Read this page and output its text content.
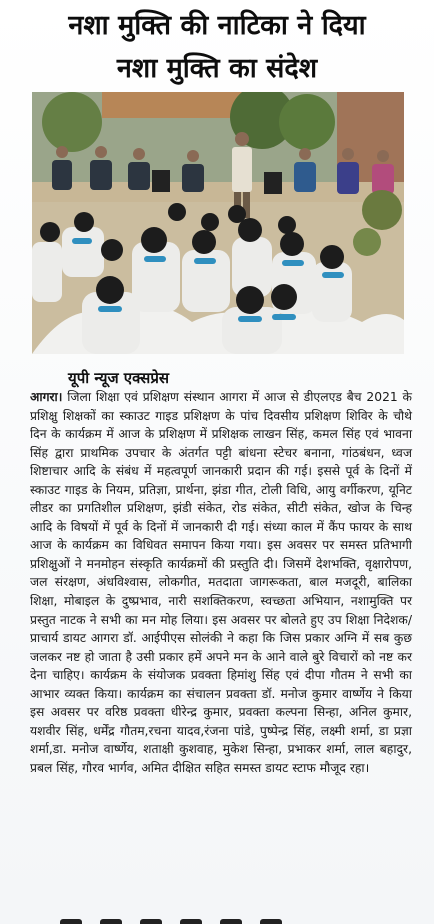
नशा मुक्ति की नाटिका ने दिया
नशा मुक्ति का संदेश
यूपी न्यूज एक्सप्रेस
आगरा। जिला शिक्षा एवं प्रशिक्षण संस्थान आगरा में आज से डीएलएड बैच 2021 के प्रशिक्षु शिक्षकों का स्काउट गाइड प्रशिक्षण के पांच दिवसीय प्रशिक्षण शिविर के चौथे दिन के कार्यक्रम में आज के प्रशिक्षण में प्रशिक्षक लाखन सिंह, कमल सिंह एवं भावना सिंह द्वारा प्राथमिक उपचार के अंतर्गत पट्टी बांधना स्टेचर बनाना, गांठबंधन, ध्वज शिष्टाचार आदि के संबंध में महत्वपूर्ण जानकारी प्रदान की गई। इससे पूर्व के दिनों में स्काउट गाइड के नियम, प्रतिज्ञा, प्रार्थना, झंडा गीत, टोली विधि, आयु वर्गीकरण, यूनिट लीडर का प्रगतिशील प्रशिक्षण, झंडी संकेत, रोड संकेत, सीटी संकेत, खोज के चिन्ह आदि के विषयों में पूर्व के दिनों में जानकारी दी गई। संध्या काल में कैंप फायर के साथ आज के कार्यक्रम का विधिवत समापन किया गया। इस अवसर पर समस्त प्रतिभागी प्रशिक्षुओं ने मनमोहन संस्कृति कार्यक्रमों की प्रस्तुति दी। जिसमें देशभक्ति, वृक्षारोपण, जल संरक्षण, अंधविश्वास, लोकगीत, मतदाता जागरूकता, बाल मजदूरी, बालिका शिक्षा, मोबाइल के दुष्प्रभाव, नारी सशक्तिकरण, स्वच्छता अभियान, नशामुक्ति पर प्रस्तुत नाटक ने सभी का मन मोह लिया। इस अवसर पर बोलते हुए उप शिक्षा निदेशक/प्राचार्य डायट आगरा डॉ. आईपीएस सोलंकी ने कहा कि जिस प्रकार अग्नि में सब कुछ जलकर नष्ट हो जाता है उसी प्रकार हमें अपने मन के आने वाले बुरे विचारों को नष्ट कर देना चाहिए। कार्यक्रम के संयोजक प्रवक्ता हिमांशु सिंह एवं दीपा गौतम ने सभी का आभार व्यक्त किया। कार्यक्रम का संचालन प्रवक्ता डॉ. मनोज कुमार वार्ष्णेय ने किया इस अवसर पर वरिष्ठ प्रवक्ता धीरेन्द्र कुमार, प्रवक्ता कल्पना सिन्हा, अनिल कुमार, यशवीर सिंह, धर्मेंद्र गौतम,रचना यादव,रंजना पांडे, पुष्पेन्द्र सिंह, लक्ष्मी शर्मा, डा प्रज्ञा शर्मा,डा. मनोज वार्ष्णेय, शताक्षी कुशवाह, मुकेश सिन्हा, प्रभाकर शर्मा, लाल बहादुर, प्रबल सिंह, गौरव भार्गव, अमित दीक्षित सहित समस्त डायट स्टाफ मौजूद रहा।
